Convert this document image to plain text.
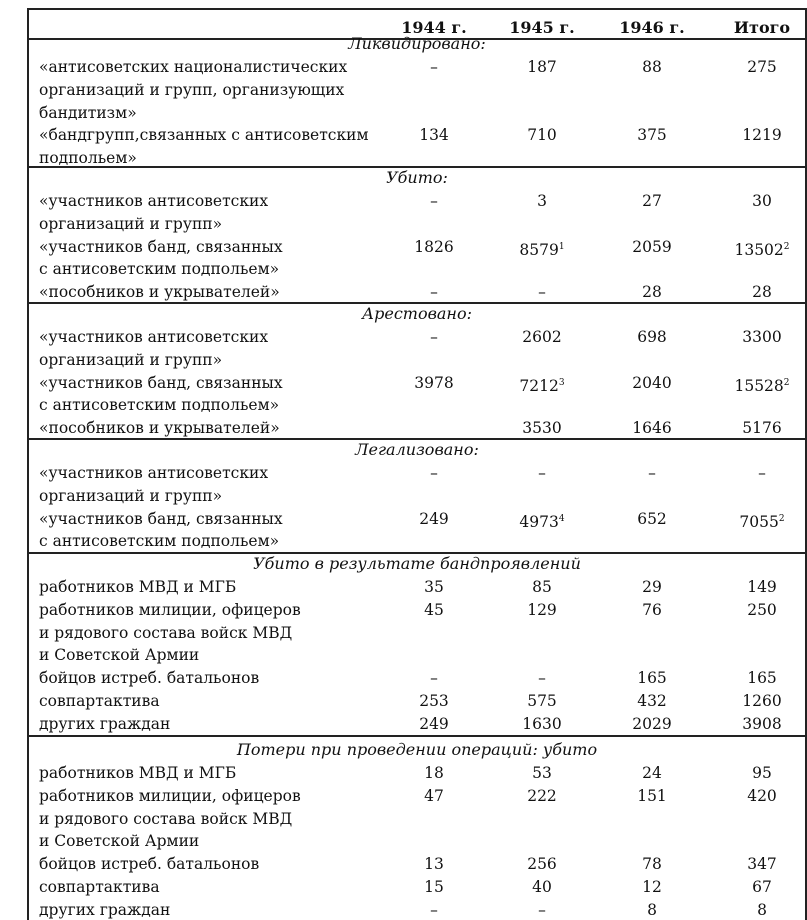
1944 г.	1945 г.	1946 г.	Итого
Ликвидировано:
«антисоветских националистических
организаций и групп, организующих
бандитизм»
–	187	88	275
«бандгрупп,связанных с антисоветским
подпольем»
134	710	375	1219
Убито:
«участников антисоветских
организаций и групп»
–	3	27	30
«участников банд, связанных
с антисоветским подпольем»
1826	8579$^1$	2059	13502$^2$
«пособников и укрывателей»	–	–	28	28
Арестовано:
«участников антисоветских
организаций и групп»
–	2602	698	3300
«участников банд, связанных
с антисоветским подпольем»
3978	7212$^3$	2040	15528$^2$
«пособников и укрывателей»	3530	1646	5176
Легализовано:
«участников антисоветских
организаций и групп»
–	–	–	–
«участников банд, связанных
с антисоветским подпольем»
249	4973$^4$	652	7055$^2$
Убито в результате бандпроявлений
работников МВД и МГБ	35	85	29	149
работников милиции, офицеров
и рядового состава войск МВД
и Советской Армии
45	129	76	250
бойцов истреб. батальонов	–	–	165	165
совпартактива	253	575	432	1260
других граждан	249	1630	2029	3908
Потери при проведении операций: убито
работников МВД и МГБ	18	53	24	95
работников милиции, офицеров
и рядового состава войск МВД
и Советской Армии
47	222	151	420
бойцов истреб. батальонов	13	256	78	347
совпартактива	15	40	12	67
других граждан	–	–	8	8
